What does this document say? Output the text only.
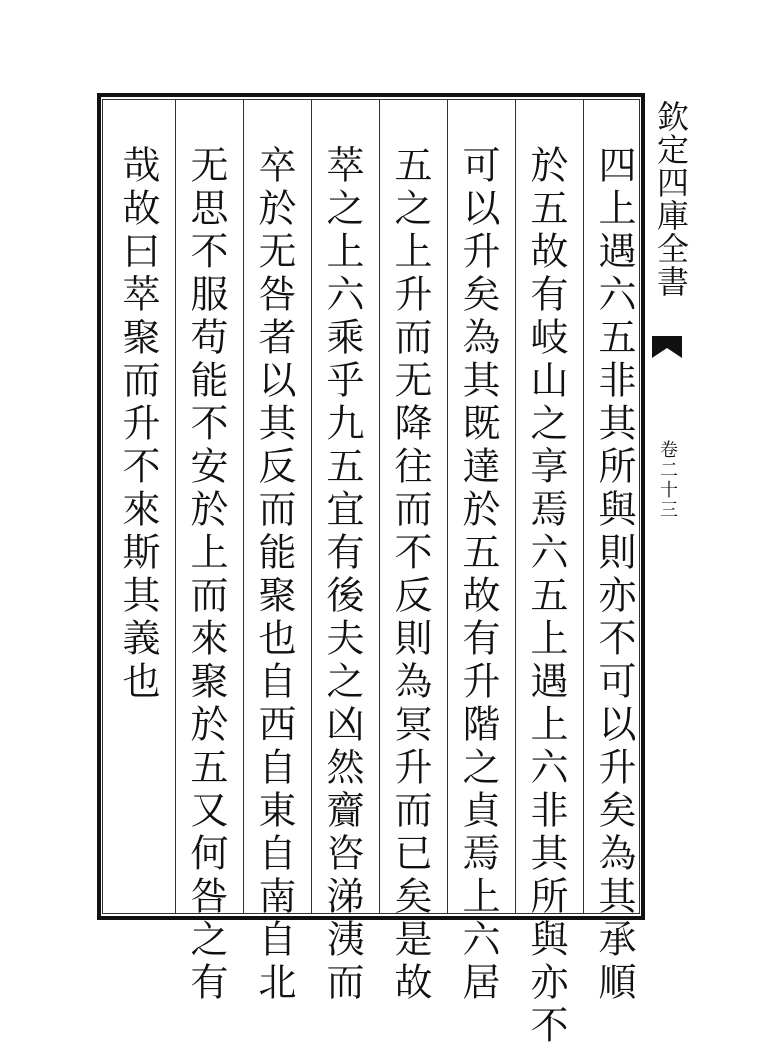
四上遇六五非其所與則亦不可以升矣為其承順
於五故有岐山之享焉六五上遇上六非其所與亦不
可以升矣為其既達於五故有升階之貞焉上六居
五之上升而无降往而不反則為冥升而已矣是故
萃之上六乘乎九五宜有後夫之凶然齎咨涕洟而
卒於无咎者以其反而能聚也自西自東自南自北
无思不服苟能不安於上而來聚於五又何咎之有
哉故曰萃聚而升不來斯其義也	欽定四庫全書
卷二十三
